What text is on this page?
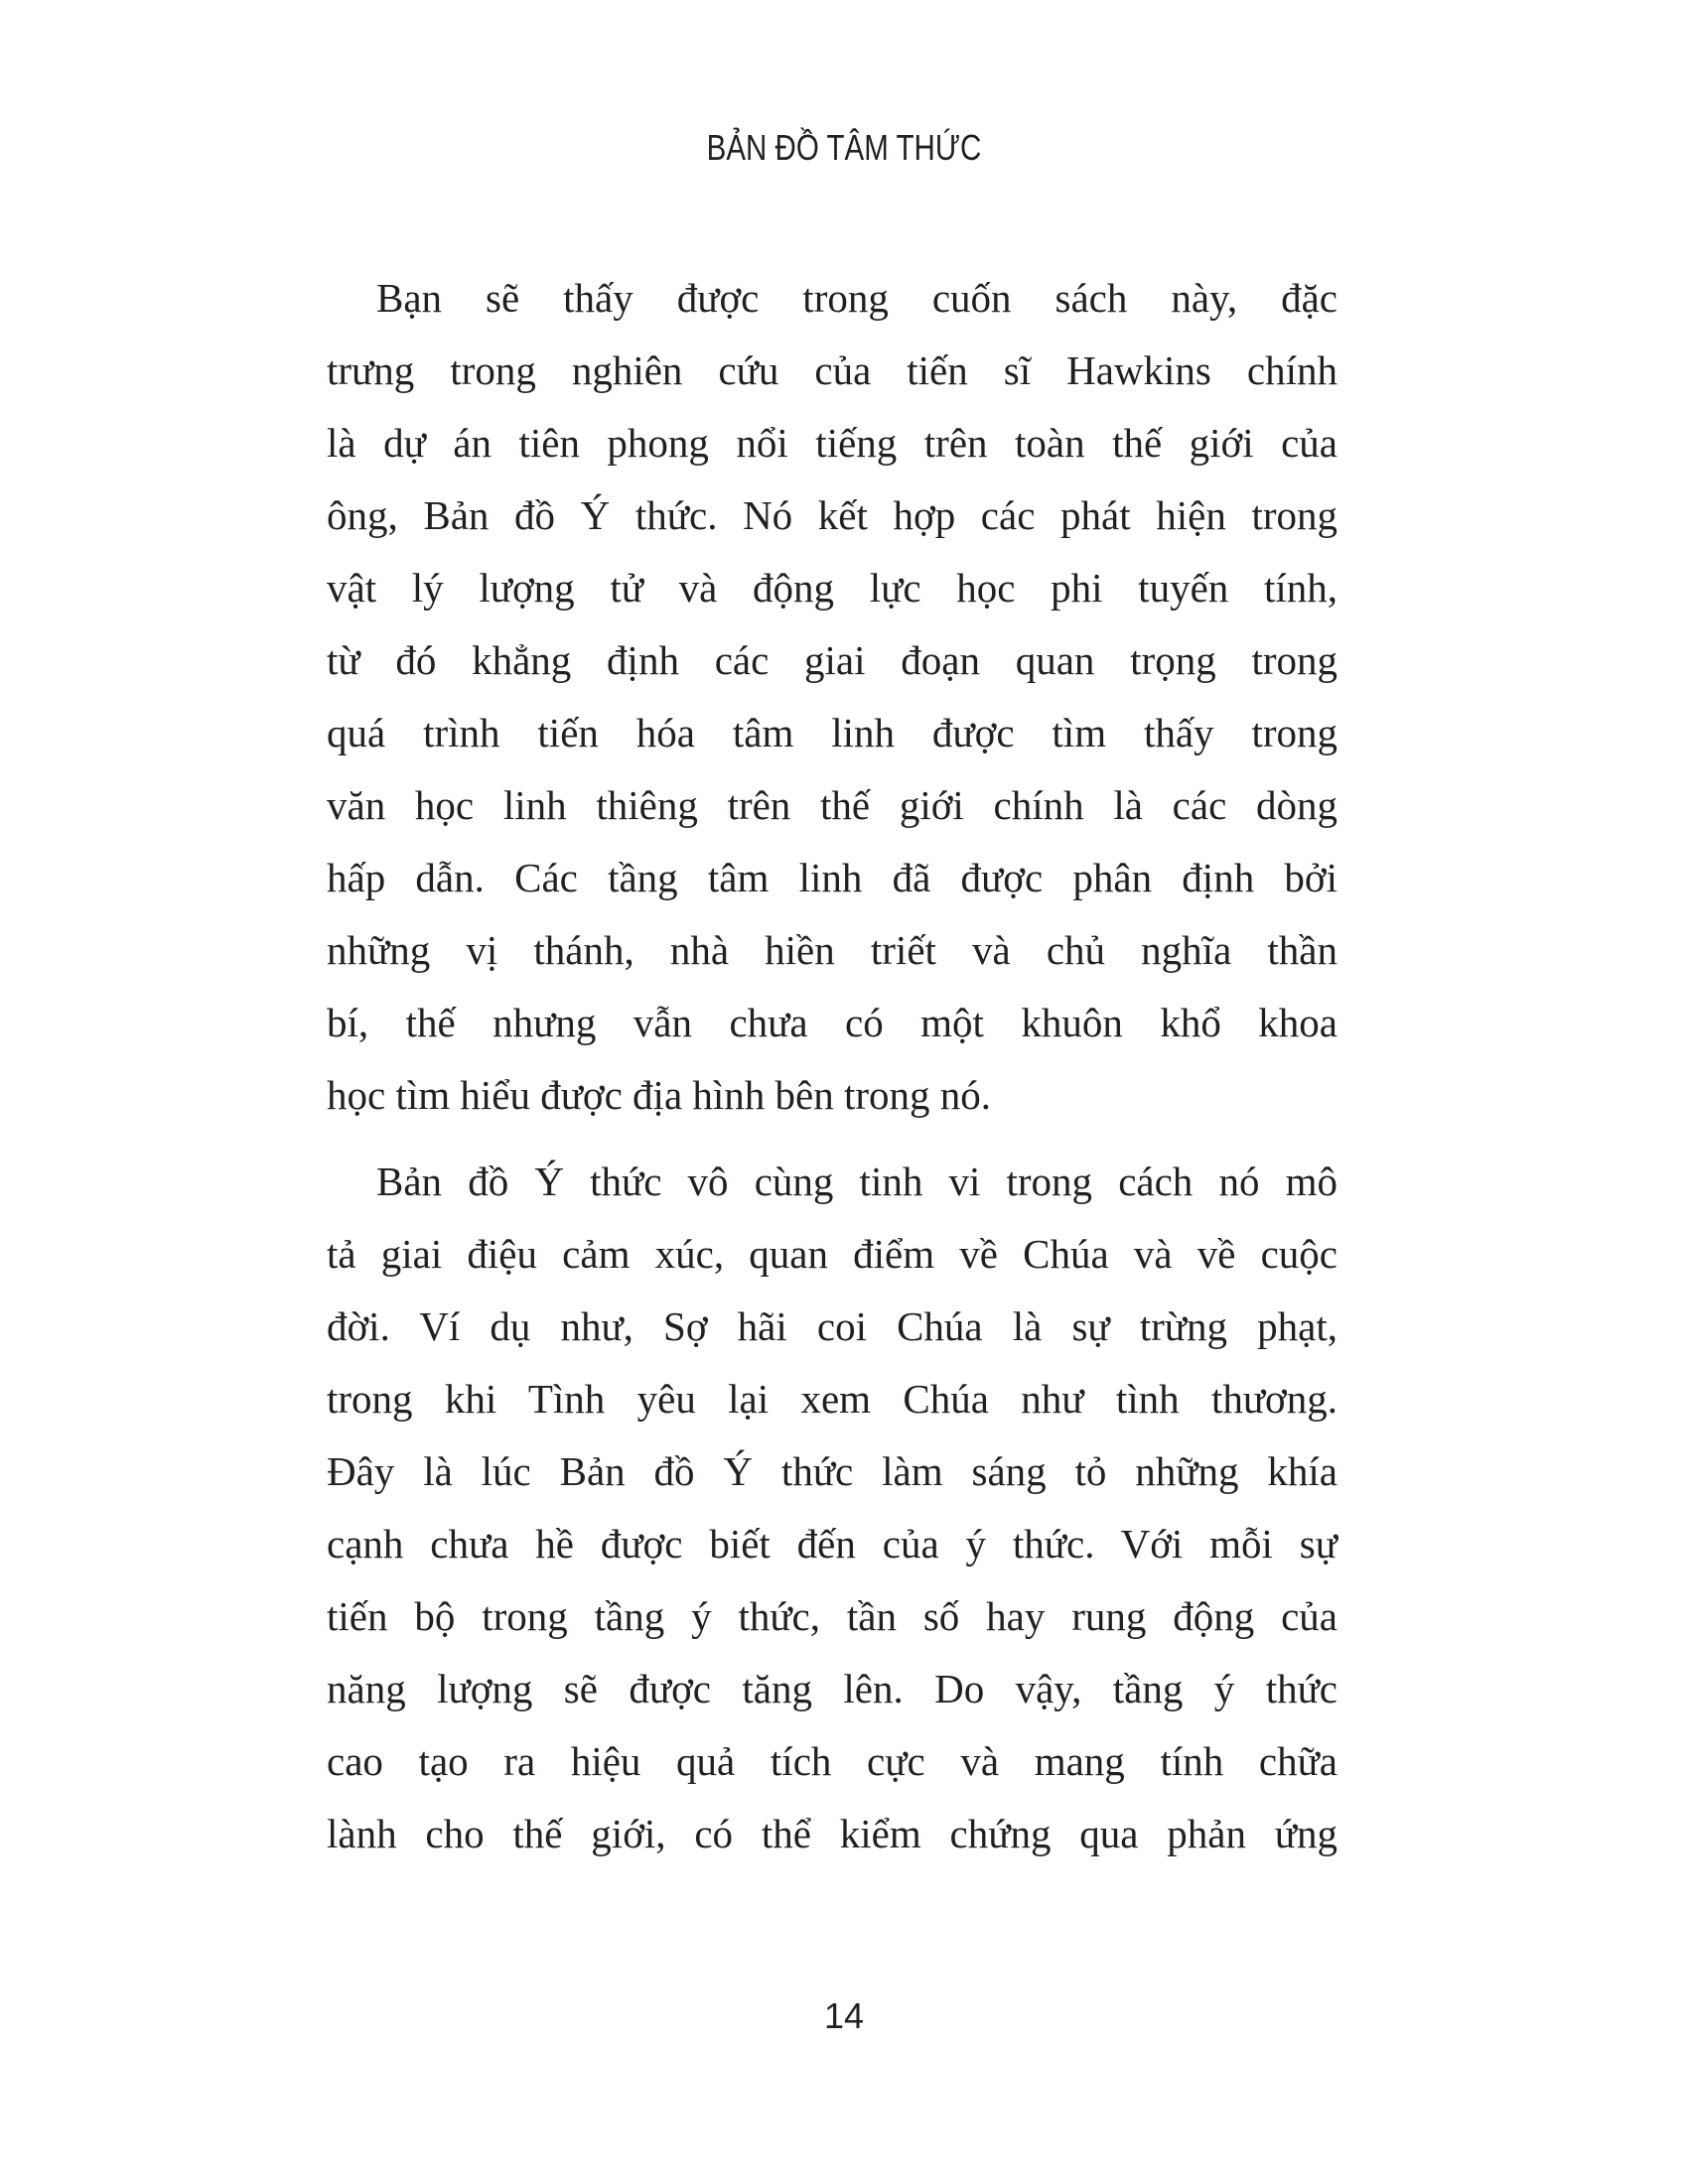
BẢN ĐỒ TÂM THỨC
Bạn sẽ thấy được trong cuốn sách này, đặc
trưng trong nghiên cứu của tiến sĩ Hawkins chính
là dự án tiên phong nổi tiếng trên toàn thế giới của
ông, Bản đồ Ý thức. Nó kết hợp các phát hiện trong
vật lý lượng tử và động lực học phi tuyến tính,
từ đó khẳng định các giai đoạn quan trọng trong
quá trình tiến hóa tâm linh được tìm thấy trong
văn học linh thiêng trên thế giới chính là các dòng
hấp dẫn. Các tầng tâm linh đã được phân định bởi
những vị thánh, nhà hiền triết và chủ nghĩa thần
bí, thế nhưng vẫn chưa có một khuôn khổ khoa
học tìm hiểu được địa hình bên trong nó.
Bản đồ Ý thức vô cùng tinh vi trong cách nó mô
tả giai điệu cảm xúc, quan điểm về Chúa và về cuộc
đời. Ví dụ như, Sợ hãi coi Chúa là sự trừng phạt,
trong khi Tình yêu lại xem Chúa như tình thương.
Đây là lúc Bản đồ Ý thức làm sáng tỏ những khía
cạnh chưa hề được biết đến của ý thức. Với mỗi sự
tiến bộ trong tầng ý thức, tần số hay rung động của
năng lượng sẽ được tăng lên. Do vậy, tầng ý thức
cao tạo ra hiệu quả tích cực và mang tính chữa
lành cho thế giới, có thể kiểm chứng qua phản ứng
14
